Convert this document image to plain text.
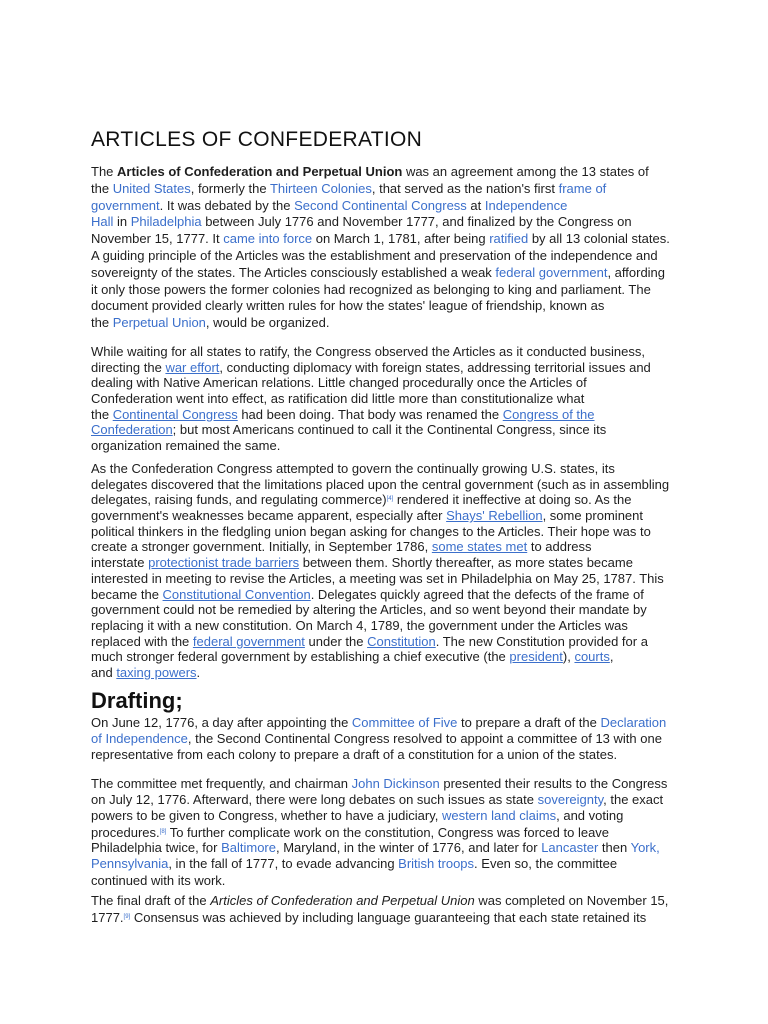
ARTICLES OF CONFEDERATION
The Articles of Confederation and Perpetual Union was an agreement among the 13 states of
the United States, formerly the Thirteen Colonies, that served as the nation's first frame of
government. It was debated by the Second Continental Congress at Independence
Hall in Philadelphia between July 1776 and November 1777, and finalized by the Congress on
November 15, 1777. It came into force on March 1, 1781, after being ratified by all 13 colonial states.
A guiding principle of the Articles was the establishment and preservation of the independence and
sovereignty of the states. The Articles consciously established a weak federal government, affording
it only those powers the former colonies had recognized as belonging to king and parliament. The
document provided clearly written rules for how the states' league of friendship, known as
the Perpetual Union, would be organized.
While waiting for all states to ratify, the Congress observed the Articles as it conducted business,
directing the war effort, conducting diplomacy with foreign states, addressing territorial issues and
dealing with Native American relations. Little changed procedurally once the Articles of
Confederation went into effect, as ratification did little more than constitutionalize what
the Continental Congress had been doing. That body was renamed the Congress of the
Confederation; but most Americans continued to call it the Continental Congress, since its
organization remained the same.
As the Confederation Congress attempted to govern the continually growing U.S. states, its
delegates discovered that the limitations placed upon the central government (such as in assembling
delegates, raising funds, and regulating commerce)[4] rendered it ineffective at doing so. As the
government's weaknesses became apparent, especially after Shays' Rebellion, some prominent
political thinkers in the fledgling union began asking for changes to the Articles. Their hope was to
create a stronger government. Initially, in September 1786, some states met to address
interstate protectionist trade barriers between them. Shortly thereafter, as more states became
interested in meeting to revise the Articles, a meeting was set in Philadelphia on May 25, 1787. This
became the Constitutional Convention. Delegates quickly agreed that the defects of the frame of
government could not be remedied by altering the Articles, and so went beyond their mandate by
replacing it with a new constitution. On March 4, 1789, the government under the Articles was
replaced with the federal government under the Constitution. The new Constitution provided for a
much stronger federal government by establishing a chief executive (the president), courts,
and taxing powers.
Drafting;
On June 12, 1776, a day after appointing the Committee of Five to prepare a draft of the Declaration
of Independence, the Second Continental Congress resolved to appoint a committee of 13 with one
representative from each colony to prepare a draft of a constitution for a union of the states.
The committee met frequently, and chairman John Dickinson presented their results to the Congress
on July 12, 1776. Afterward, there were long debates on such issues as state sovereignty, the exact
powers to be given to Congress, whether to have a judiciary, western land claims, and voting
procedures.[8] To further complicate work on the constitution, Congress was forced to leave
Philadelphia twice, for Baltimore, Maryland, in the winter of 1776, and later for Lancaster then York,
Pennsylvania, in the fall of 1777, to evade advancing British troops. Even so, the committee
continued with its work.
The final draft of the Articles of Confederation and Perpetual Union was completed on November 15,
1777.[9] Consensus was achieved by including language guaranteeing that each state retained its
